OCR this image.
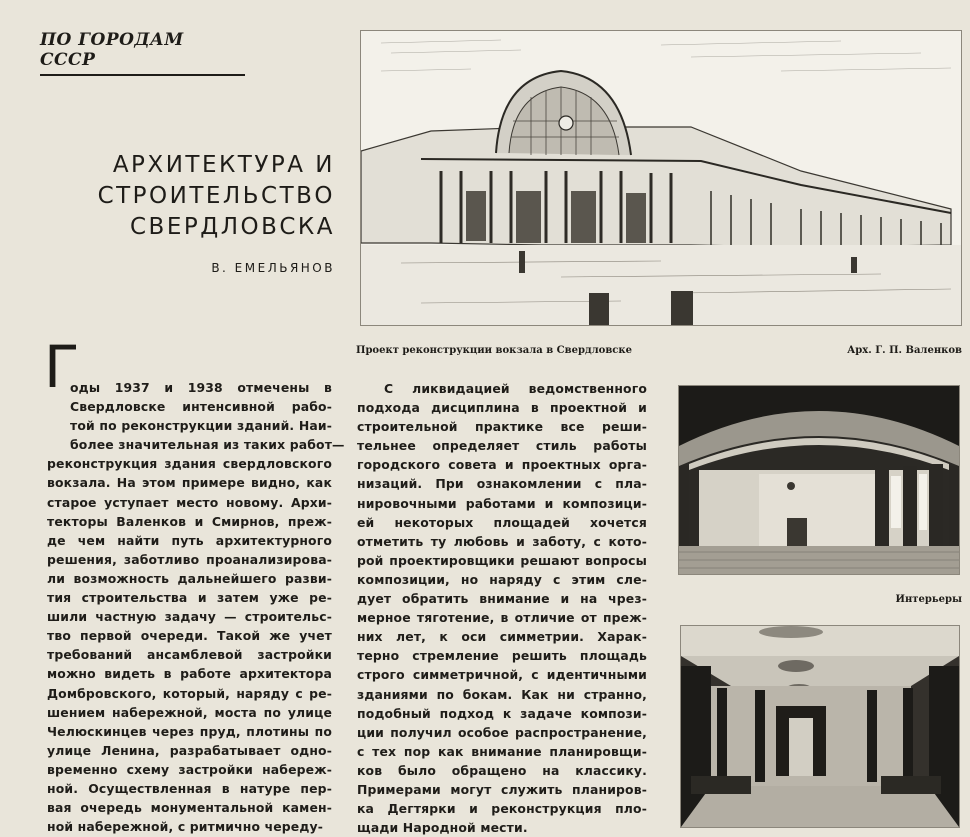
ПО ГОРОДАМ СССР
АРХИТЕКТУРА И
СТРОИТЕЛЬСТВО
СВЕРДЛОВСКА
В. ЕМЕЛЬЯНОВ
Проект реконструкции вокзала в Свердловске	Арх. Г. П. Валенков
Интерьеры
Г
оды 1937 и 1938 отмечены в
Свердловске интенсивной рабо-
той по реконструкции зданий. Наи-
более значительная из таких работ—
реконструкция здания свердловского
вокзала. На этом примере видно, как
старое уступает место новому. Архи-
текторы Валенков и Смирнов, преж-
де чем найти путь архитектурного
решения, заботливо проанализирова-
ли возможность дальнейшего разви-
тия строительства и затем уже ре-
шили частную задачу — строительс-
тво первой очереди. Такой же учет
требований ансамблевой застройки
можно видеть в работе архитектора
Домбровского, который, наряду с ре-
шением набережной, моста по улице
Челюскинцев через пруд, плотины по
улице Ленина, разрабатывает одно-
временно схему застройки набереж-
ной. Осуществленная в натуре пер-
вая очередь монументальной камен-
ной набережной, с ритмично череду-
С ликвидацией ведомственного
подхода дисциплина в проектной и
строительной практике все реши-
тельнее определяет стиль работы
городского совета и проектных орга-
низаций. При ознакомлении с пла-
нировочными работами и композици-
ей некоторых площадей хочется
отметить ту любовь и заботу, с кото-
рой проектировщики решают вопросы
композиции, но наряду с этим сле-
дует обратить внимание и на чрез-
мерное тяготение, в отличие от преж-
них лет, к оси симметрии. Харак-
терно стремление решить площадь
строго симметричной, с идентичными
зданиями по бокам. Как ни странно,
подобный подход к задаче компози-
ции получил особое распространение,
с тех пор как внимание планировщи-
ков было обращено на классику.
Примерами могут служить планиров-
ка Дегтярки и реконструкция пло-
щади Народной мести.
